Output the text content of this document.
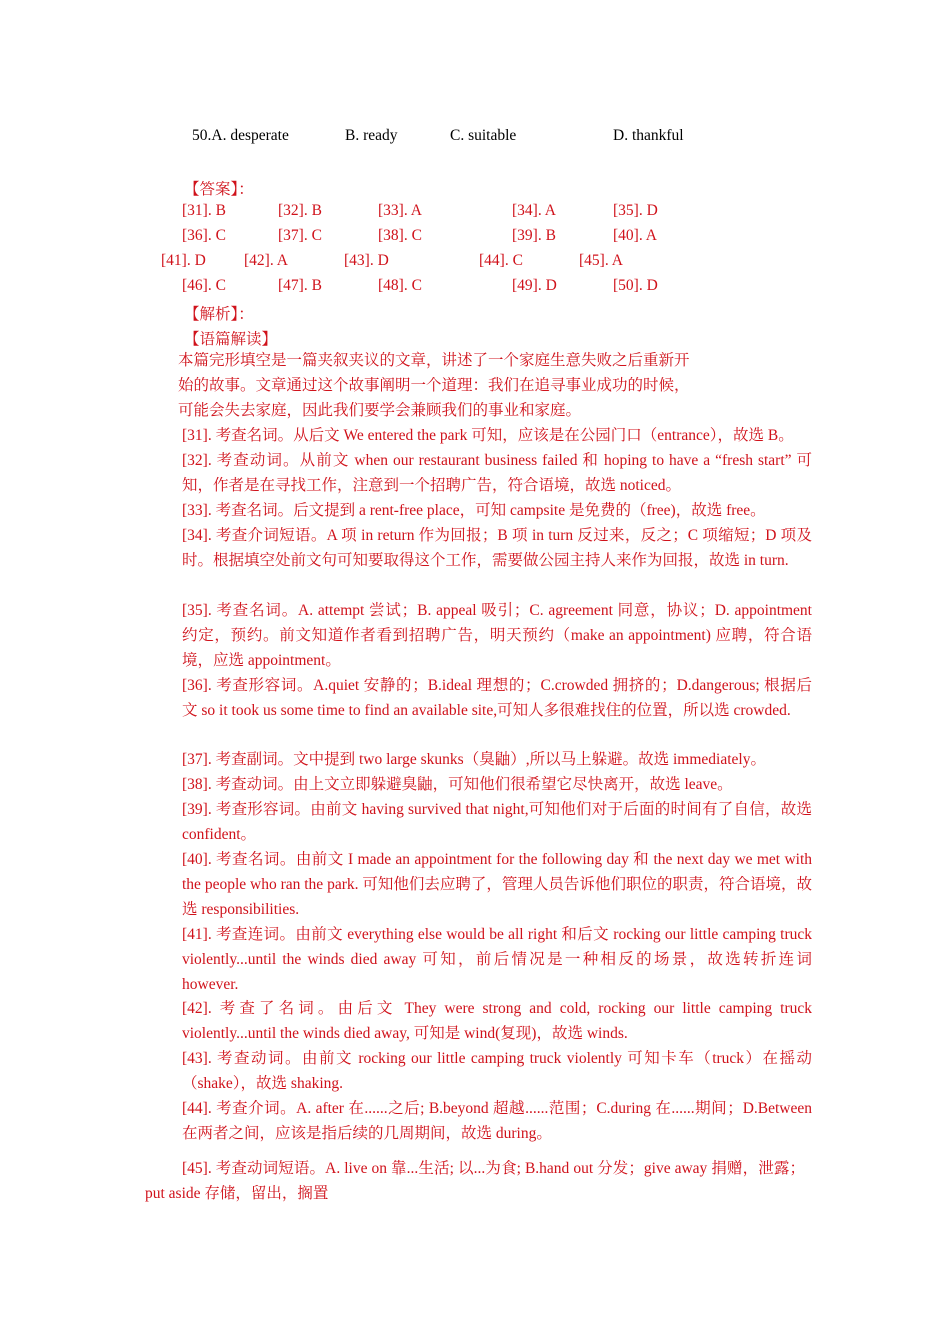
50.A. desperate	B. ready	C. suitable	D. thankful
【答案】：
[31]. B	[32]. B	[33]. A	[34]. A	[35]. D
[36]. C	[37]. C	[38]. C	[39]. B	[40]. A
[41]. D [42]. A	[43]. D	[44]. C	[45]. A
[46]. C	[47]. B	[48]. C	[49]. D	[50]. D
【解析】：
【语篇解读】
本篇完形填空是一篇夹叙夹议的文章，讲述了一个家庭生意失败之后重新开
始的故事。文章通过这个故事阐明一个道理：我们在追寻事业成功的时候，
可能会失去家庭，因此我们要学会兼顾我们的事业和家庭。
[31]. 考查名词。从后文 We entered the park 可知，应该是在公园门口（entrance），故选 B。
[32]. 考查动词。从前文 when our restaurant business failed 和 hoping to have a “fresh start” 可知，作者是在寻找工作，注意到一个招聘广告，符合语境，故选 noticed。
[33]. 考查名词。后文提到 a rent-free place，可知 campsite 是免费的（free)，故选 free。
[34]. 考查介词短语。A 项 in return 作为回报；B 项 in turn 反过来，反之；C 项缩短；D 项及时。根据填空处前文句可知要取得这个工作，需要做公园主持人来作为回报，故选 in turn.
[35]. 考查名词。A. attempt 尝试；B. appeal 吸引；C. agreement 同意，协议；D. appointment 约定，预约。前文知道作者看到招聘广告，明天预约（make an appointment) 应聘，符合语境，应选 appointment。
[36]. 考查形容词。A.quiet 安静的；B.ideal 理想的；C.crowded 拥挤的；D.dangerous; 根据后文 so it took us some time to find an available site,可知人多很难找住的位置，所以选 crowded.
[37]. 考查副词。文中提到 two large skunks（臭鼬）,所以马上躲避。故选 immediately。
[38]. 考查动词。由上文立即躲避臭鼬，可知他们很希望它尽快离开，故选 leave。
[39]. 考查形容词。由前文 having survived that night,可知他们对于后面的时间有了自信，故选 confident。
[40]. 考查名词。由前文 I made an appointment for the following day 和 the next day we met with the people who ran the park. 可知他们去应聘了，管理人员告诉他们职位的职责，符合语境，故选 responsibilities.
[41]. 考查连词。由前文 everything else would be all right 和后文 rocking our little camping truck violently...until the winds died away 可知，前后情况是一种相反的场景，故选转折连词 however.
[42]. 考查了名词。由后文 They were strong and cold, rocking our little camping truck violently...until the winds died away, 可知是 wind(复现)，故选 winds.
[43]. 考查动词。由前文 rocking our little camping truck violently 可知卡车（truck）在摇动（shake），故选 shaking.
[44]. 考查介词。A. after 在......之后; B.beyond 超越......范围；C.during 在......期间；D.Between 在两者之间，应该是指后续的几周期间，故选 during。
[45]. 考查动词短语。A. live on 靠...生活; 以...为食; B.hand out 分发；give away 捐赠，泄露；put aside 存储，留出，搁置
